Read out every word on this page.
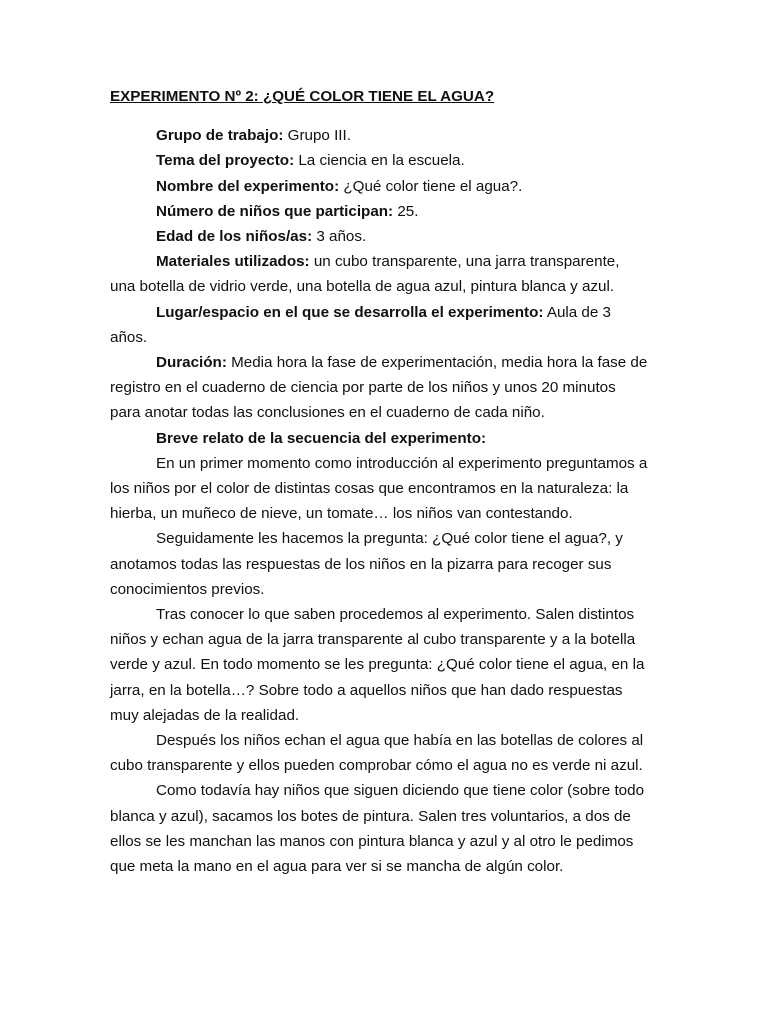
EXPERIMENTO Nº 2: ¿QUÉ COLOR TIENE EL AGUA?
Grupo de trabajo: Grupo III.
Tema del proyecto: La ciencia en la escuela.
Nombre del experimento: ¿Qué color tiene el agua?.
Número de niños que participan: 25.
Edad de los niños/as: 3 años.
Materiales utilizados: un cubo transparente, una jarra transparente,
una botella de vidrio verde, una botella de agua azul, pintura blanca y azul.
Lugar/espacio en el que se desarrolla el experimento: Aula de 3
años.
Duración: Media hora la fase de experimentación, media hora la fase de
registro en el cuaderno de ciencia por parte de los niños y unos 20 minutos
para anotar todas las conclusiones en el cuaderno de cada niño.
Breve relato de la secuencia del experimento:
En un primer momento como introducción al experimento preguntamos a
los niños por el color de distintas cosas que encontramos en la naturaleza: la
hierba, un muñeco de nieve, un tomate… los niños van contestando.
Seguidamente les hacemos la pregunta: ¿Qué color tiene el agua?, y
anotamos todas las respuestas de los niños en la pizarra para recoger sus
conocimientos previos.
Tras conocer lo que saben procedemos al experimento. Salen distintos
niños y echan agua de la jarra transparente al cubo transparente y a la botella
verde y azul. En todo momento se les pregunta: ¿Qué color tiene el agua, en la
jarra, en la botella…? Sobre todo a aquellos niños que han dado respuestas
muy alejadas de la realidad.
Después los niños echan el agua que había en las botellas de colores al
cubo transparente y ellos pueden comprobar cómo el agua no es verde ni azul.
Como todavía hay niños que siguen diciendo que tiene color (sobre todo
blanca y azul), sacamos los botes de pintura. Salen tres voluntarios, a dos de
ellos se les manchan las manos con pintura blanca y azul y al otro le pedimos
que meta la mano en el agua para ver si se mancha de algún color.
